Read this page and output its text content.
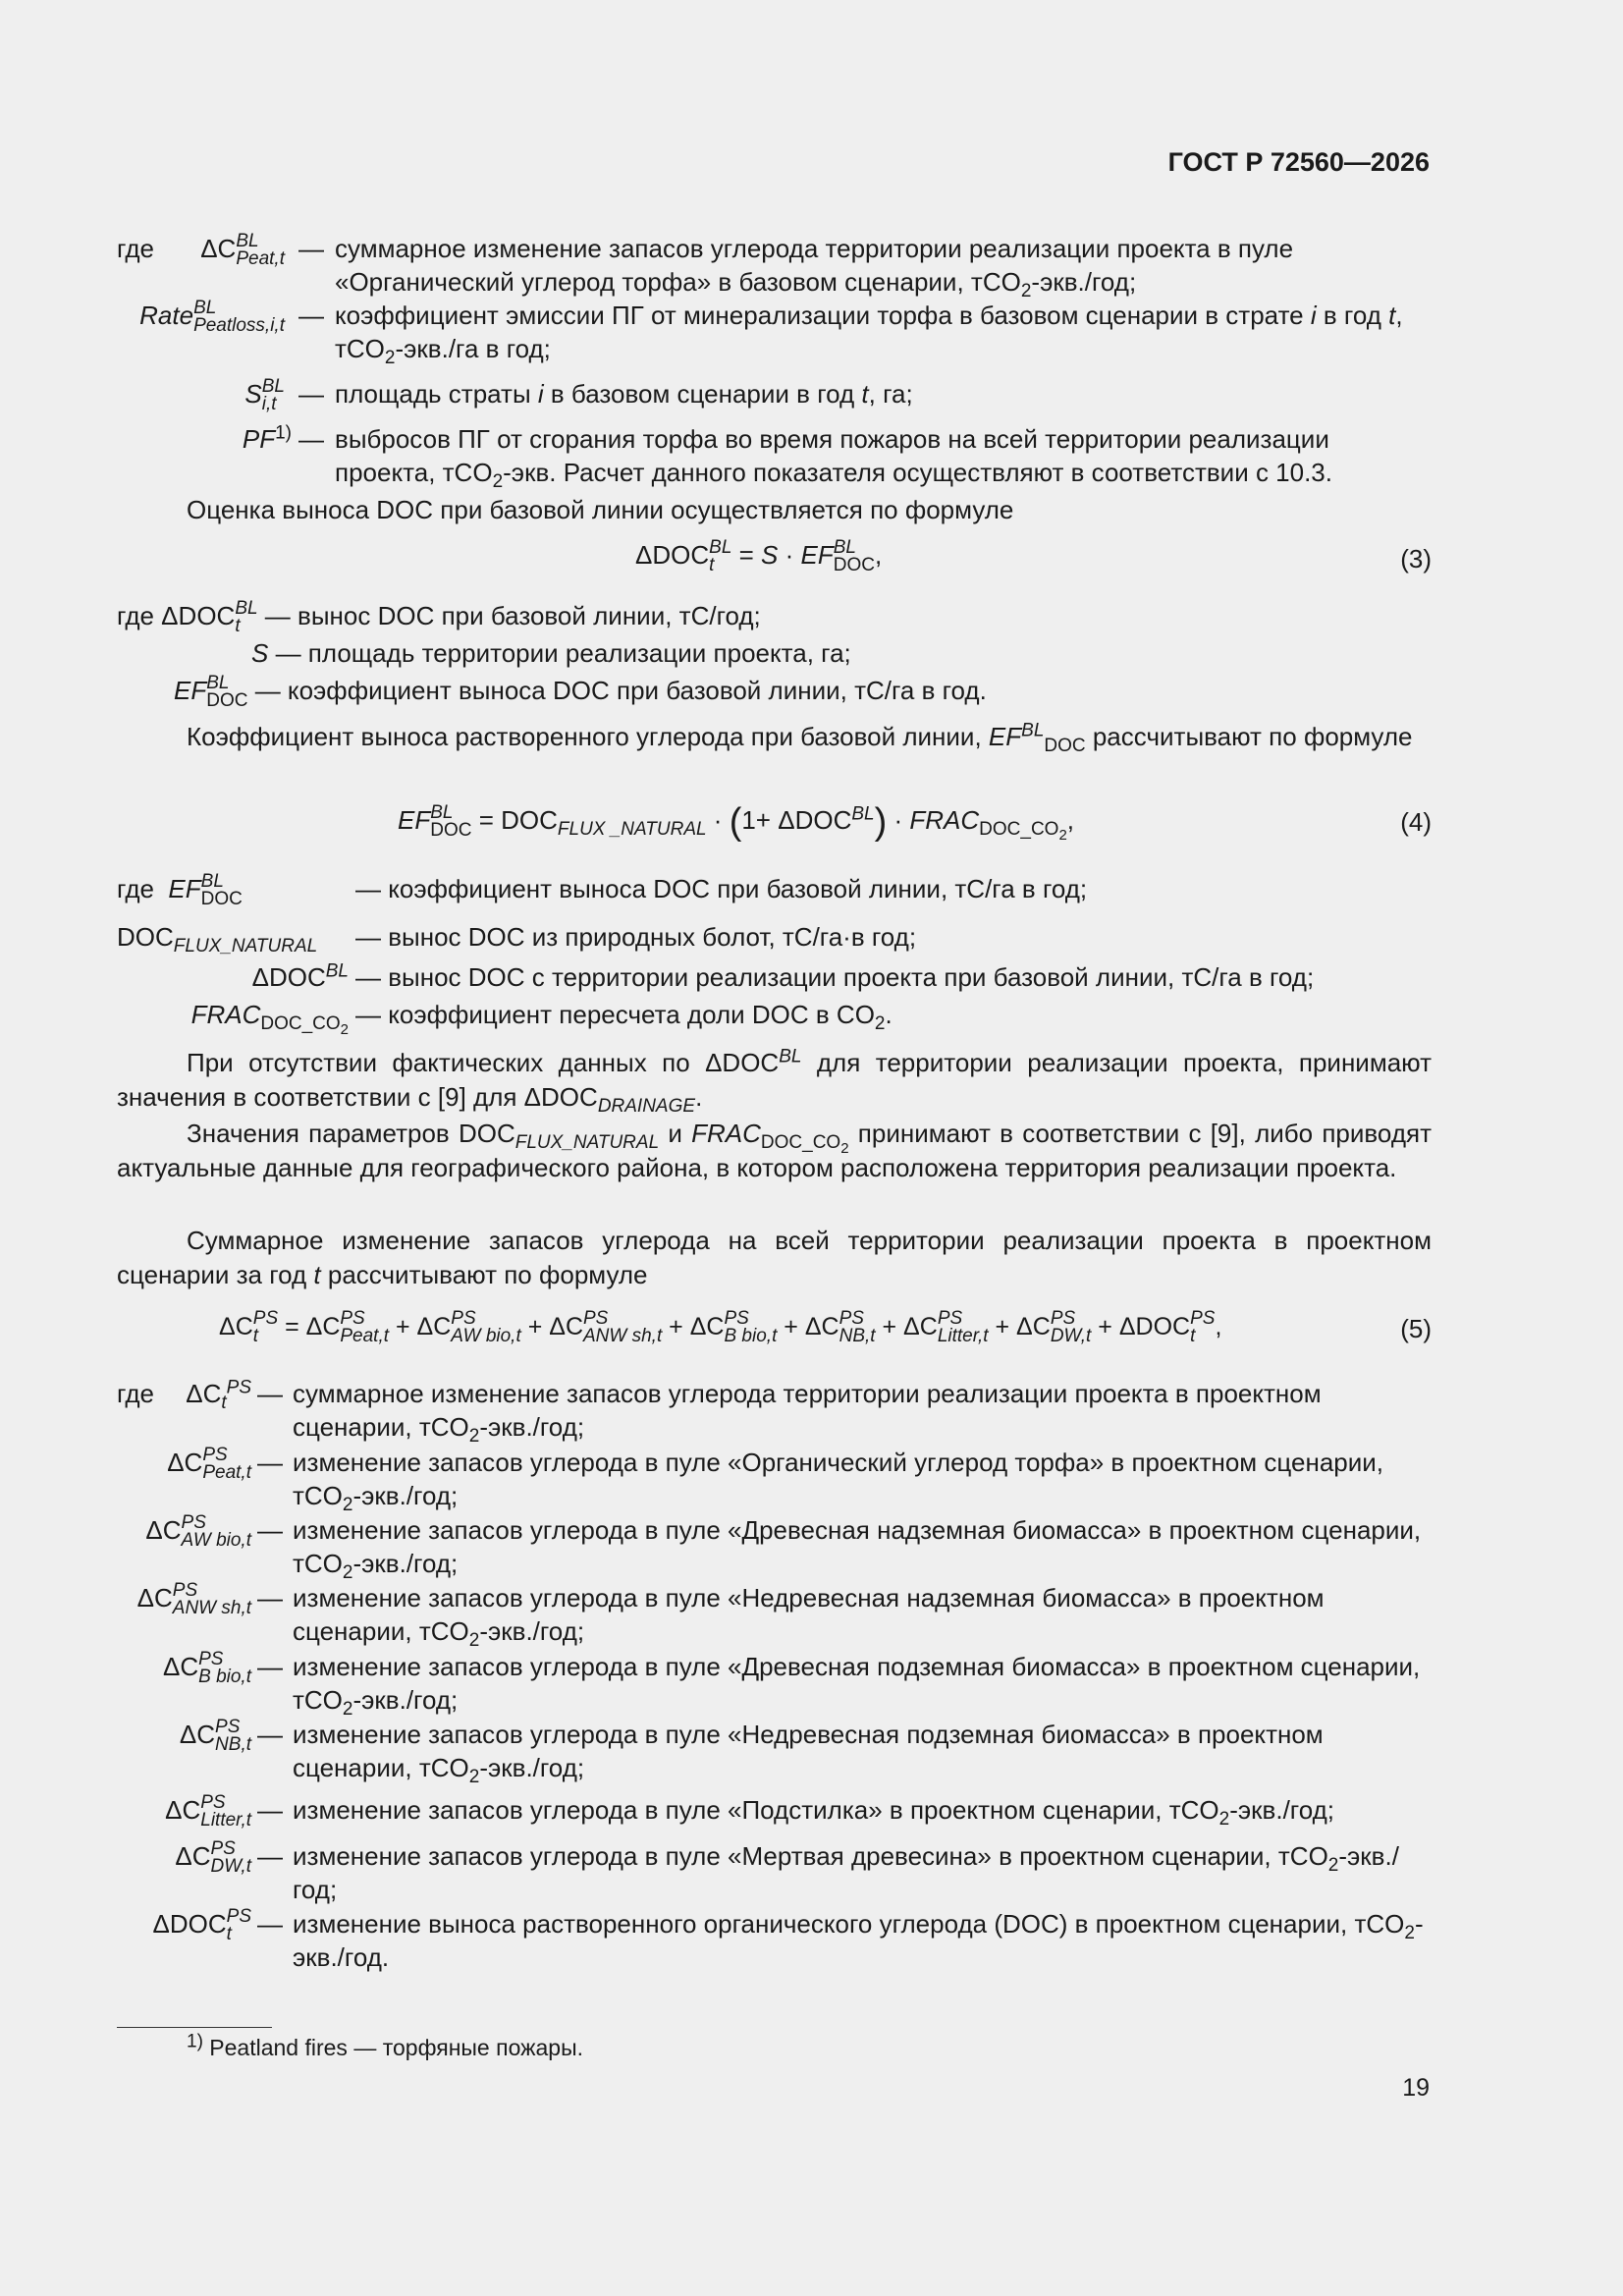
ГОСТ Р 72560—2026
где ΔC BL
Peat,t — суммарное изменение запасов углерода территории реализации проекта в пуле «Органический углерод торфа» в базовом сценарии, тCO$_2$-экв./год;
Rate BL
Peatloss,i,t — коэффициент эмиссии ПГ от минерализации торфа в базовом сценарии в страте i в год t, тCO$_2$-экв./га в год;
S BL
i,t — площадь страты i в базовом сценарии в год t, га;
PF$^{1)}$ — выбросов ПГ от сгорания торфа во время пожаров на всей территории реализации проекта, тCO$_2$-экв. Расчет данного показателя осуществляют в соответствии с 10.3.
Оценка выноса DOC при базовой линии осуществляется по формуле
ΔDOC BL
t = S · EF BL
DOC ,	(3)
где ΔDOC BL
t — вынос DOC при базовой линии, тС/год;
S — площадь территории реализации проекта, га;
EF BL
DOC — коэффициент выноса DOC при базовой линии, тС/га в год.
Коэффициент выноса растворенного углерода при базовой линии, $EF^{BL}_{DOC}$ рассчитывают по формуле
EF BL
DOC = $DOC_{FLUX \_NATURAL} \cdot (1+ \Delta DOC^{BL})$ · $FRAC_{DOC\_CO_2}$,	(4)
где EF BL
DOC	— коэффициент выноса DOC при базовой линии, тС/га в год;
$DOC_{FLUX\_NATURAL}$ — вынос DOC из природных болот, тС/га·в год;
$\Delta DOC^{BL}$ — вынос DOC с территории реализации проекта при базовой линии, тС/га в год;
$FRAC_{DOC\_CO_2}$
— коэффициент пересчета доли DOC в $CO_2$.
При отсутствии фактических данных по $\Delta DOC^{BL}$ для территории реализации проекта, принимают значения в соответствии с [9] для $\Delta DOC_{DRAINAGE}$.
Значения параметров $DOC_{FLUX\_NATURAL}$ и $FRAC_{DOC\_CO_2}$ принимают в соответствии с [9], либо приводят актуальные данные для географического района, в котором расположена территория реализации проекта.
Суммарное изменение запасов углерода на всей территории реализации проекта в проектном сценарии за год t рассчитывают по формуле
ΔC PS
t = ΔC PS
Peat,t + ΔC PS
AW bio,t + ΔC PS
ANW sh,t + ΔC PS
B bio,t + ΔC PS
NB,t + ΔC PS
Litter,t + ΔC PS
DW,t + ΔDOC PS
t ,	(5)
где $\Delta C_t^{PS}$ — суммарное изменение запасов углерода территории реализации проекта в проектном сценарии, тCO$_2$-экв./год;
ΔC PS
Peat,t — изменение запасов углерода в пуле «Органический углерод торфа» в проектном сценарии, тCO$_2$-экв./год;
ΔC PS
AW bio,t — изменение запасов углерода в пуле «Древесная надземная биомасса» в проектном сценарии, тCO$_2$-экв./год;
ΔC PS
ANW sh,t — изменение запасов углерода в пуле «Недревесная надземная биомасса» в проектном сценарии, тCO$_2$-экв./год;
ΔC PS
B bio,t — изменение запасов углерода в пуле «Древесная подземная биомасса» в проектном сценарии, тCO$_2$-экв./год;
ΔC PS
NB,t — изменение запасов углерода в пуле «Недревесная подземная биомасса» в проектном сценарии, тCO$_2$-экв./год;
ΔC PS
Litter,t — изменение запасов углерода в пуле «Подстилка» в проектном сценарии, тCO$_2$-экв./год;
ΔC PS
DW,t — изменение запасов углерода в пуле «Мертвая древесина» в проектном сценарии, тCO$_2$-экв./год;
ΔDOC PS
t	— изменение выноса растворенного органического углерода (DOC) в проектном сценарии, тCO$_2$-экв./год.
$^{1)}$ Peatland fires — торфяные пожары.
19
